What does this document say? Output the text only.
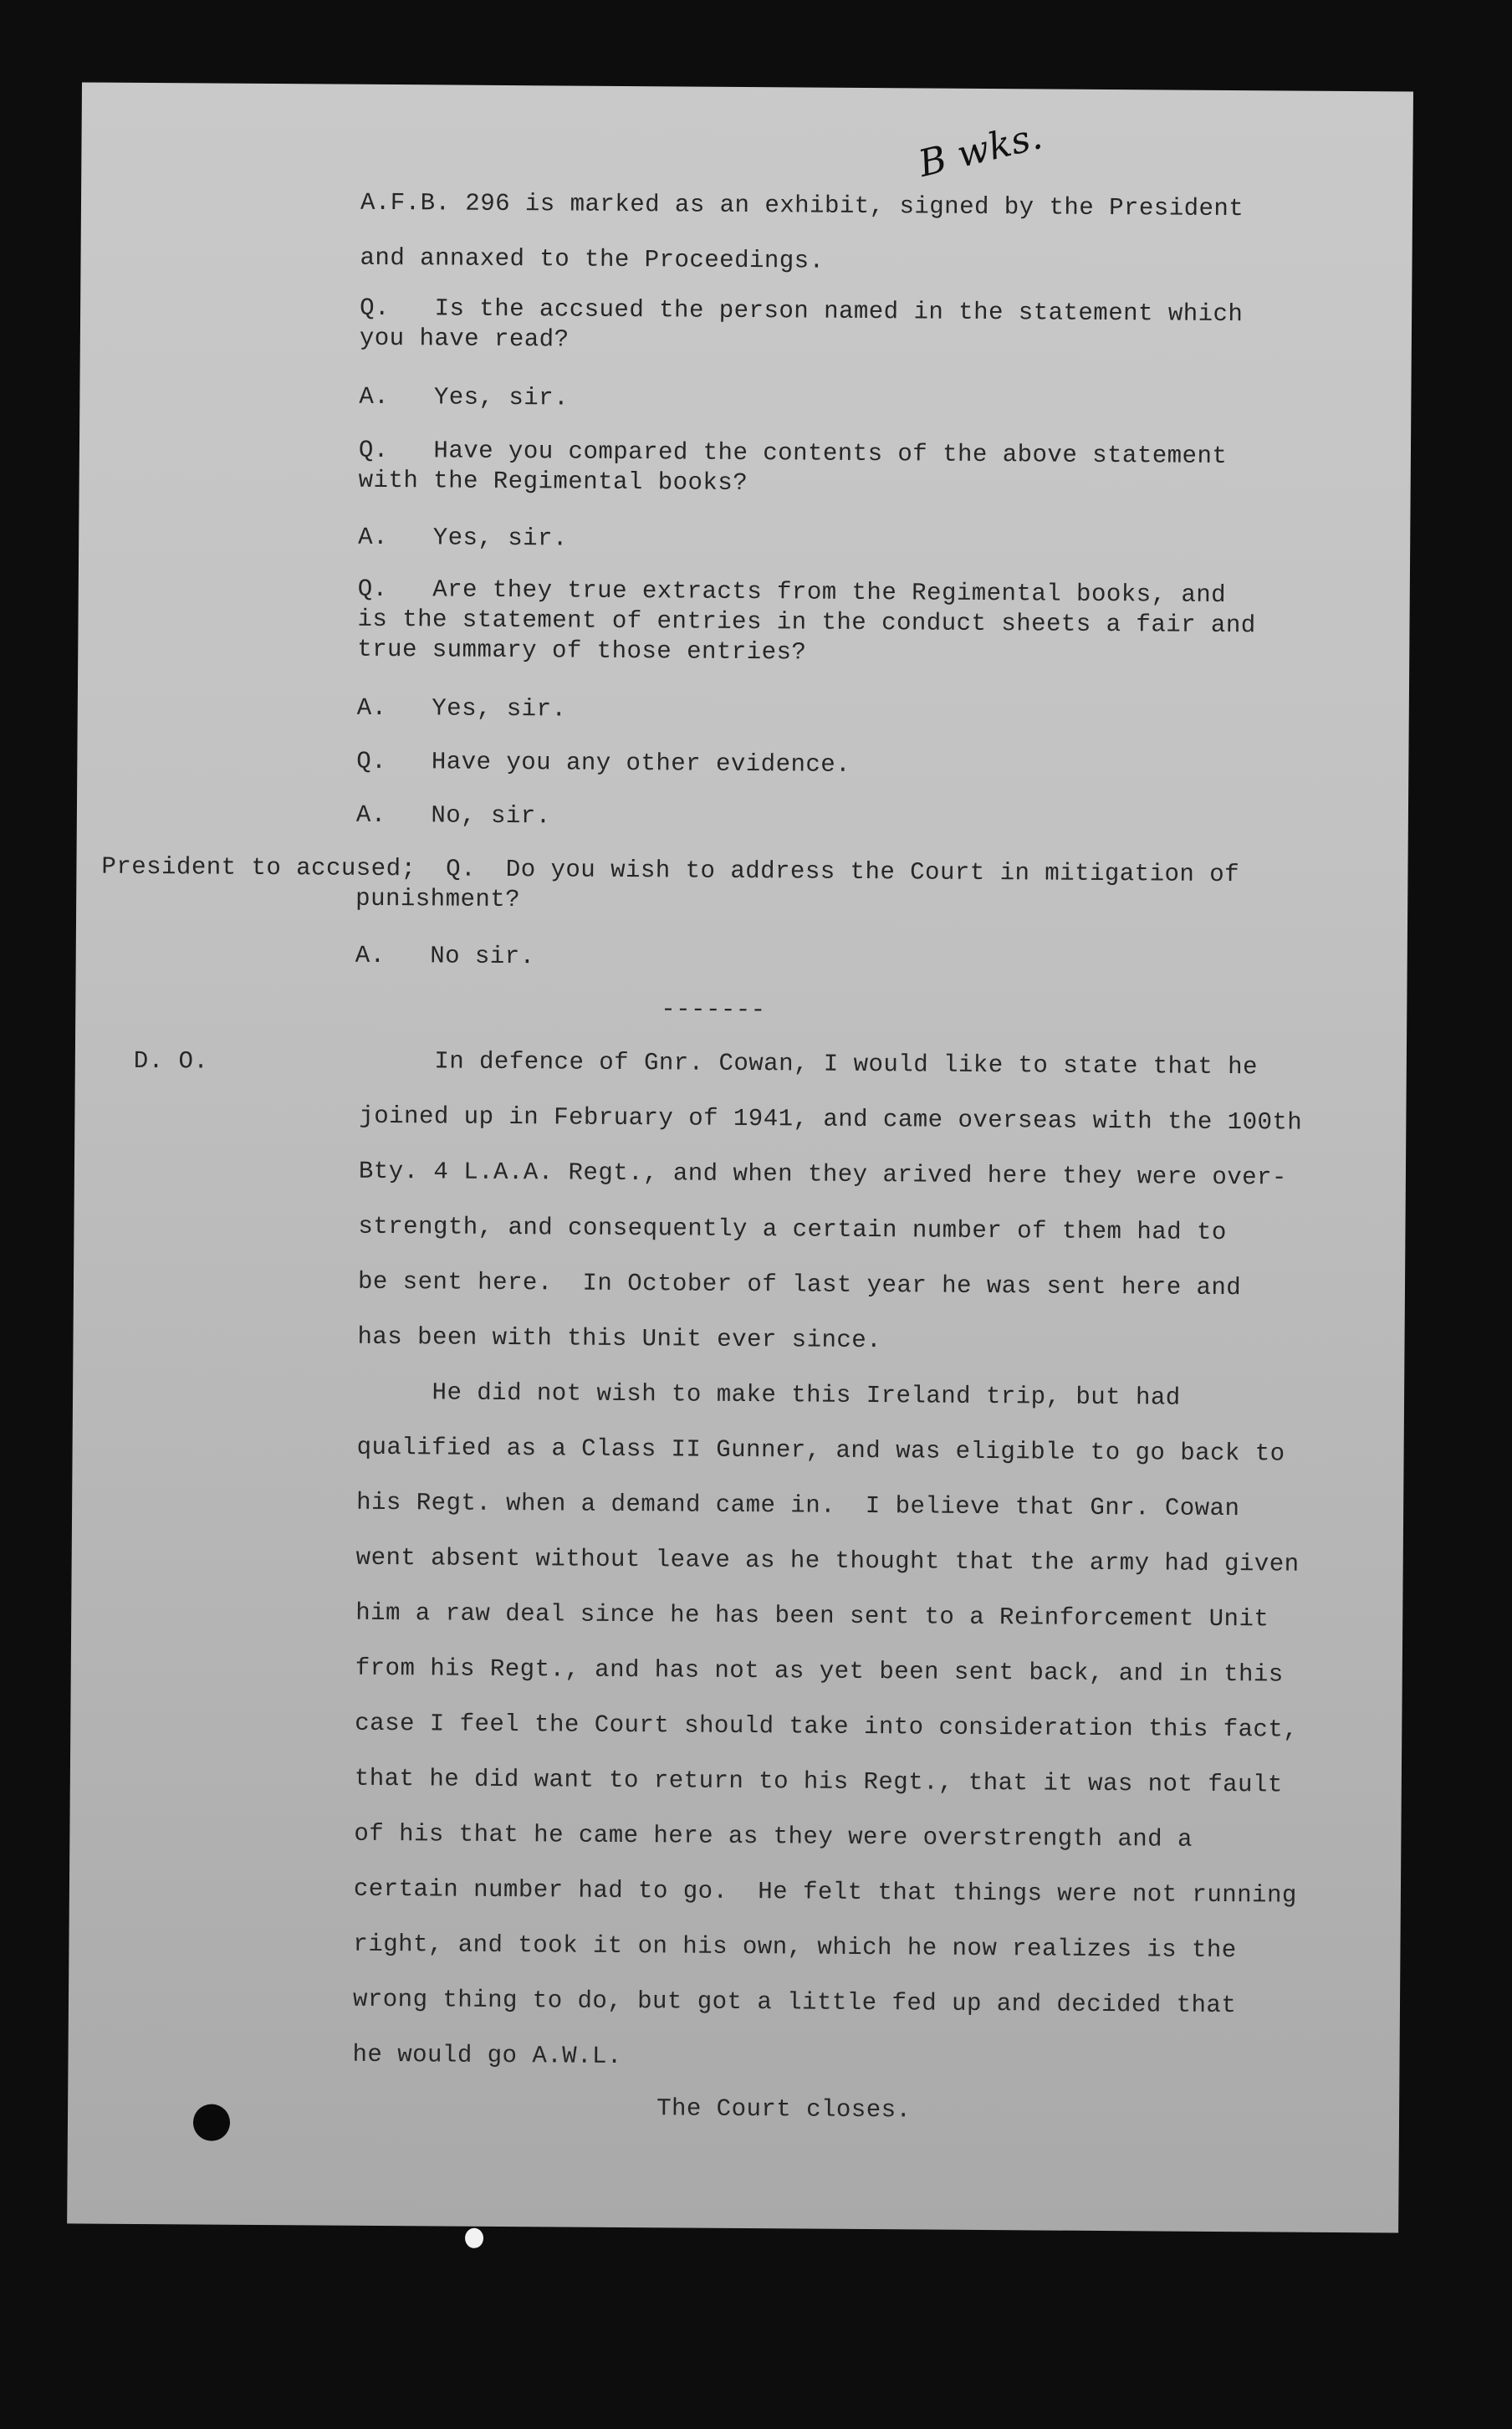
B wks.
A.F.B. 296 is marked as an exhibit, signed by the President
and annaxed to the Proceedings.
Q.   Is the accsued the person named in the statement which
you have read?
A.   Yes, sir.
Q.   Have you compared the contents of the above statement
with the Regimental books?
A.   Yes, sir.
Q.   Are they true extracts from the Regimental books, and
is the statement of entries in the conduct sheets a fair and
true summary of those entries?
A.   Yes, sir.
Q.   Have you any other evidence.
A.   No, sir.
President to accused;  Q.  Do you wish to address the Court in mitigation of
punishment?
A.   No sir.
-------
D. O.	In defence of Gnr. Cowan, I would like to state that he
joined up in February of 1941, and came overseas with the 100th
Bty. 4 L.A.A. Regt., and when they arived here they were over-
strength, and consequently a certain number of them had to
be sent here.  In October of last year he was sent here and
has been with this Unit ever since.
He did not wish to make this Ireland trip, but had
qualified as a Class II Gunner, and was eligible to go back to
his Regt. when a demand came in.  I believe that Gnr. Cowan
went absent without leave as he thought that the army had given
him a raw deal since he has been sent to a Reinforcement Unit
from his Regt., and has not as yet been sent back, and in this
case I feel the Court should take into consideration this fact,
that he did want to return to his Regt., that it was not fault
of his that he came here as they were overstrength and a
certain number had to go.  He felt that things were not running
right, and took it on his own, which he now realizes is the
wrong thing to do, but got a little fed up and decided that
he would go A.W.L.
The Court closes.
